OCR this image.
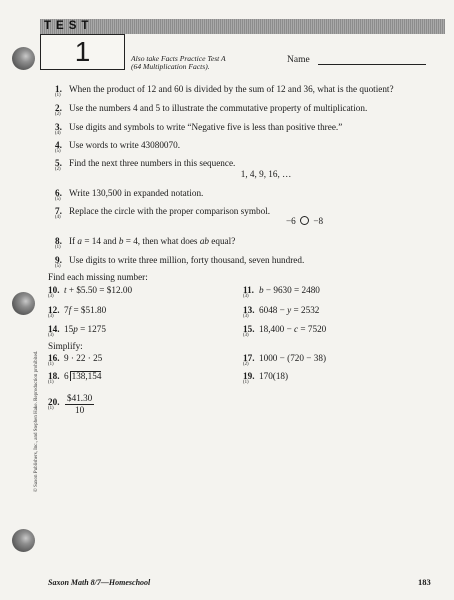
TEST
1	Also take Facts Practice Test A
(64 Multiplication Facts).
Name
1.
(1)
When the product of 12 and 60 is divided by the sum of 12 and 36, what is the quotient?
2.
(2)
Use the numbers 4 and 5 to illustrate the commutative property of multiplication.
3.
(4)
Use digits and symbols to write “Negative five is less than positive three.”
4.
(5)
Use words to write 43080070.
5.
(2)
Find the next three numbers in this sequence.
1, 4, 9, 16, …
6.
(5)
Write 130,500 in expanded notation.
7.
(4)
Replace the circle with the proper comparison symbol.
−6 −8
8.
(1)
If a = 14 and b = 4, then what does ab equal?
9.
(5)
Use digits to write three million, forty thousand, seven hundred.
Find each missing number:
10.
(3)
t + $5.50 = $12.00	11.
(3)
b − 9630 = 2480
12.
(3)
7f = $51.80	13.
(3)
6048 − y = 2532
14.
(3)
15p = 1275	15.
(3)
18,400 − c = 7520
Simplify:
16.
(1)
9 · 22 · 25	17.
(2)
1000 − (720 − 38)
18.
(1)
6 138,154	19.
(1)
170(18)
20.
$(1) \frac{\$41.30}{10}$
© Saxon Publishers, Inc., and Stephen Hake. Reproduction prohibited.
Saxon Math 8/7—Homeschool	183
